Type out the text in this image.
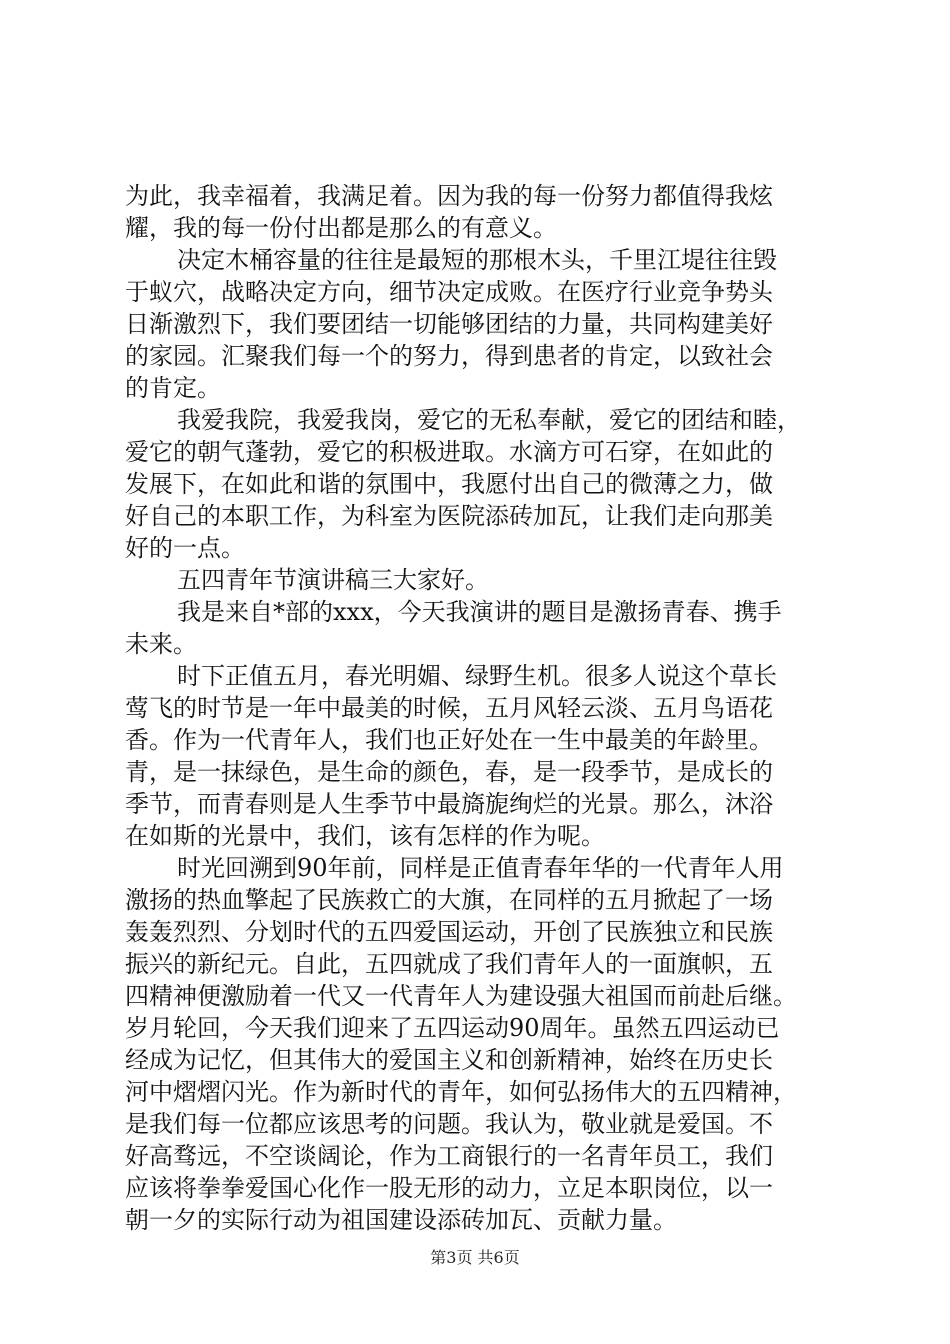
为此，我幸福着，我满足着。因为我的每一份努力都值得我炫
耀，我的每一份付出都是那么的有意义。
决定木桶容量的往往是最短的那根木头，千里江堤往往毁
于蚁穴，战略决定方向，细节决定成败。在医疗行业竞争势头
日渐激烈下，我们要团结一切能够团结的力量，共同构建美好
的家园。汇聚我们每一个的努力，得到患者的肯定，以致社会
的肯定。
我爱我院，我爱我岗，爱它的无私奉献，爱它的团结和睦，
爱它的朝气蓬勃，爱它的积极进取。水滴方可石穿，在如此的
发展下，在如此和谐的氛围中，我愿付出自己的微薄之力，做
好自己的本职工作，为科室为医院添砖加瓦，让我们走向那美
好的一点。
五四青年节演讲稿三大家好。
我是来自*部的xxx，今天我演讲的题目是激扬青春、携手
未来。
时下正值五月，春光明媚、绿野生机。很多人说这个草长
莺飞的时节是一年中最美的时候，五月风轻云淡、五月鸟语花
香。作为一代青年人，我们也正好处在一生中最美的年龄里。
青，是一抹绿色，是生命的颜色，春，是一段季节，是成长的
季节，而青春则是人生季节中最旖旎绚烂的光景。那么，沐浴
在如斯的光景中，我们，该有怎样的作为呢。
时光回溯到90年前，同样是正值青春年华的一代青年人用
激扬的热血擎起了民族救亡的大旗，在同样的五月掀起了一场
轰轰烈烈、分划时代的五四爱国运动，开创了民族独立和民族
振兴的新纪元。自此，五四就成了我们青年人的一面旗帜，五
四精神便激励着一代又一代青年人为建设强大祖国而前赴后继。
岁月轮回，今天我们迎来了五四运动90周年。虽然五四运动已
经成为记忆，但其伟大的爱国主义和创新精神，始终在历史长
河中熠熠闪光。作为新时代的青年，如何弘扬伟大的五四精神，
是我们每一位都应该思考的问题。我认为，敬业就是爱国。不
好高骛远，不空谈阔论，作为工商银行的一名青年员工，我们
应该将拳拳爱国心化作一股无形的动力，立足本职岗位，以一
朝一夕的实际行动为祖国建设添砖加瓦、贡献力量。
第3页 共6页
